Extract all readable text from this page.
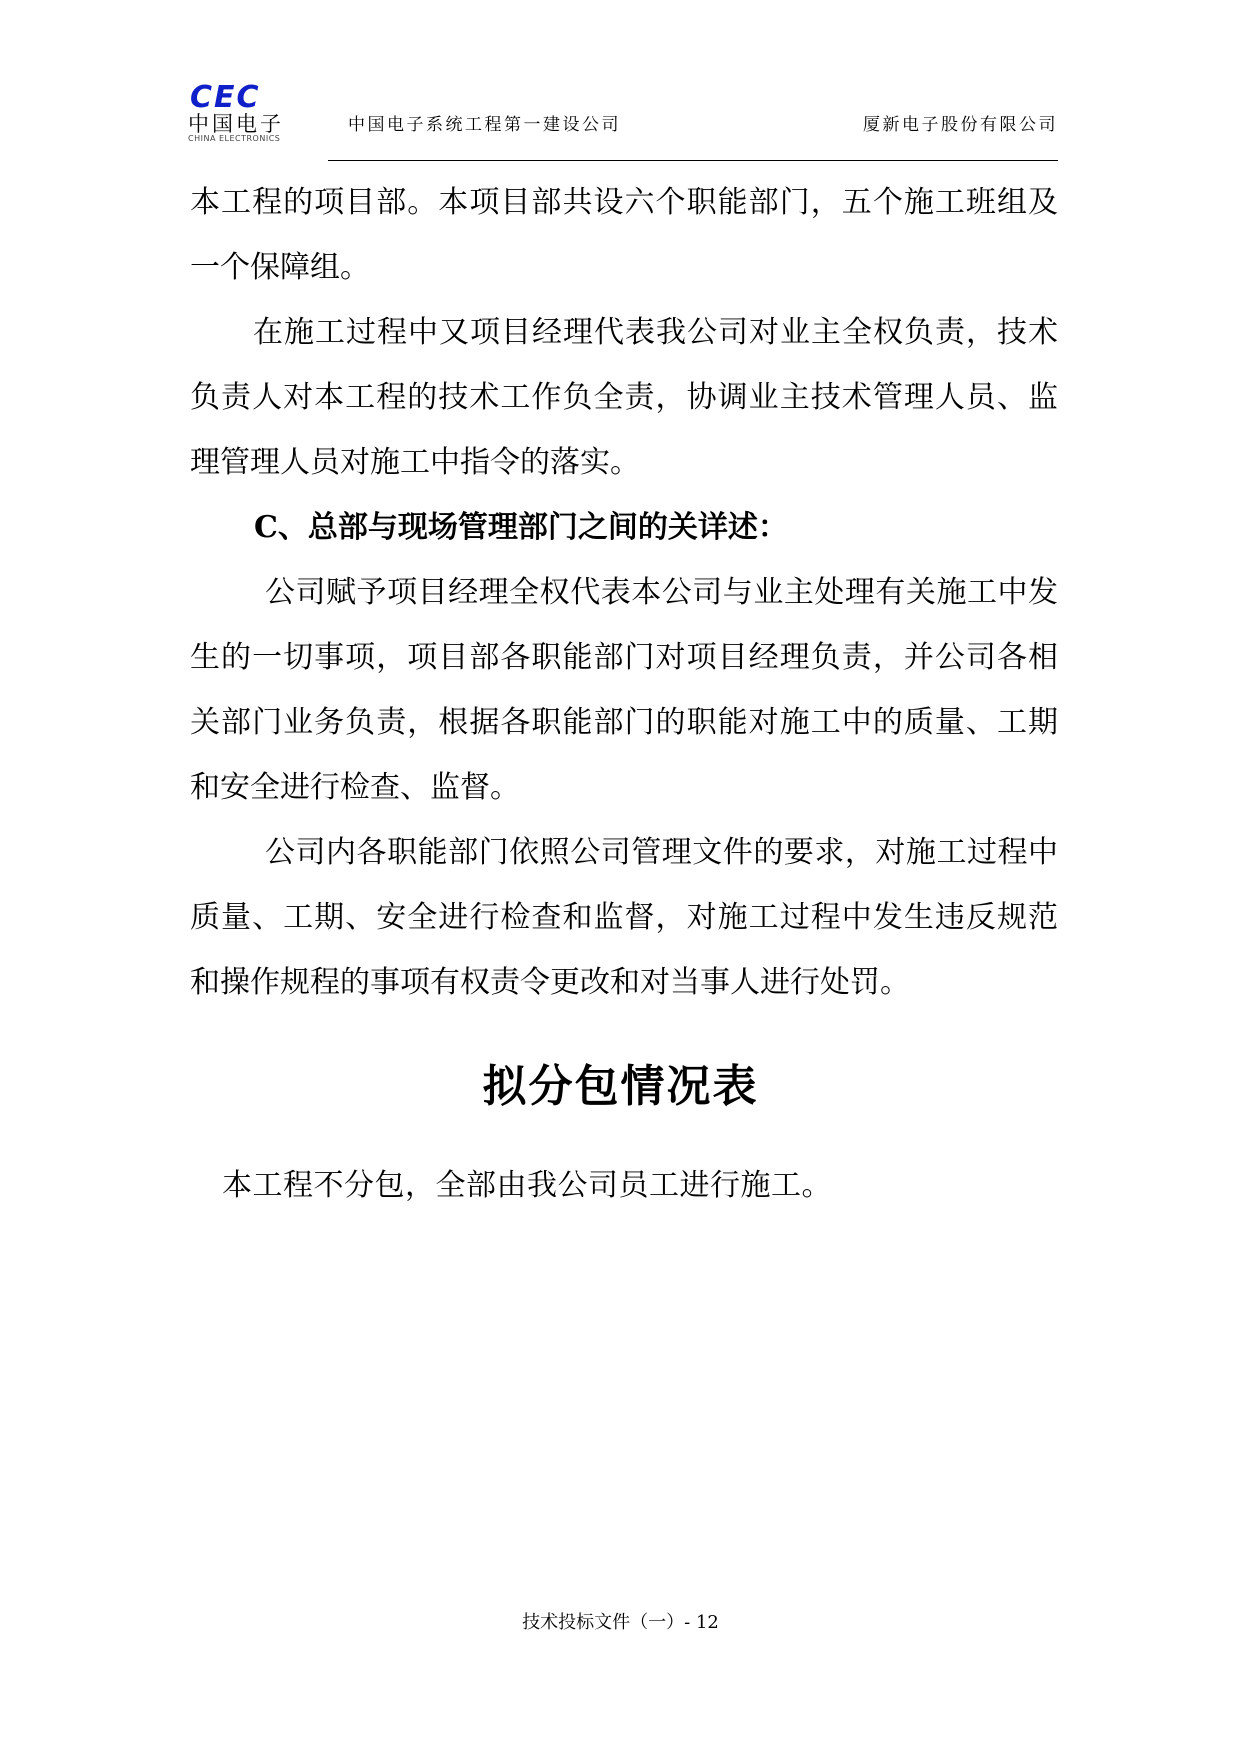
CEC
中国电子
CHINA ELECTRONICS
中国电子系统工程第一建设公司	厦新电子股份有限公司

本工程的项目部。本项目部共设六个职能部门，五个施工班组及一个保障组。

在施工过程中又项目经理代表我公司对业主全权负责，技术负责人对本工程的技术工作负全责，协调业主技术管理人员、监理管理人员对施工中指令的落实。

C、总部与现场管理部门之间的关详述：

公司赋予项目经理全权代表本公司与业主处理有关施工中发生的一切事项，项目部各职能部门对项目经理负责，并公司各相关部门业务负责，根据各职能部门的职能对施工中的质量、工期和安全进行检查、监督。

公司内各职能部门依照公司管理文件的要求，对施工过程中质量、工期、安全进行检查和监督，对施工过程中发生违反规范和操作规程的事项有权责令更改和对当事人进行处罚。

拟分包情况表
本工程不分包，全部由我公司员工进行施工。
技术投标文件（一）- 12
